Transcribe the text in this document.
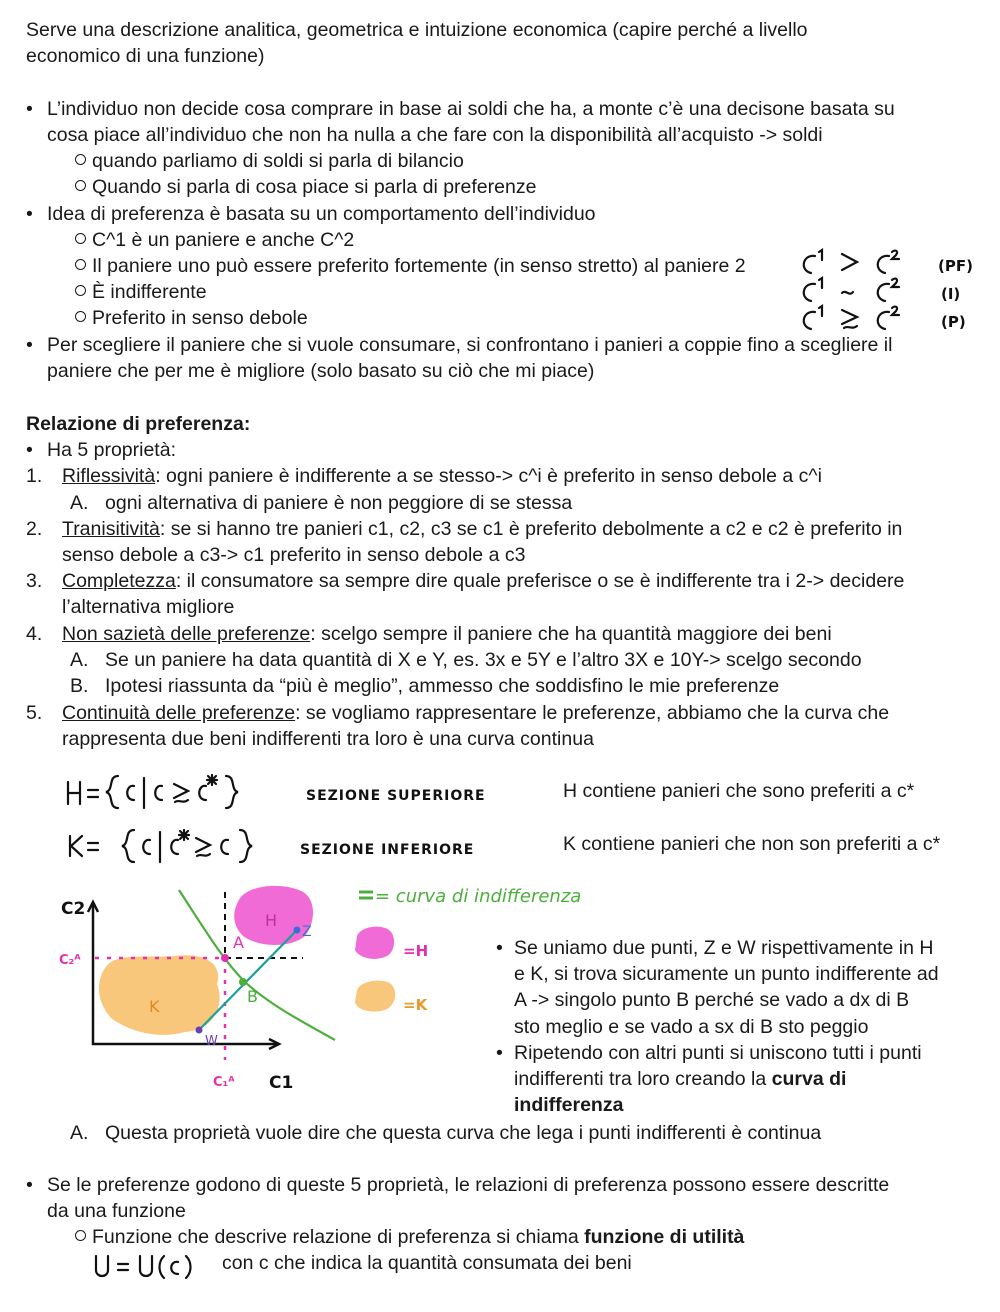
Serve una descrizione analitica, geometrica e intuizione economica (capire perché a livello
economico di una funzione)
• L’individuo non decide cosa comprare in base ai soldi che ha, a monte c’è una decisone basata su
cosa piace all’individuo che non ha nulla a che fare con la disponibilità all’acquisto -> soldi
quando parliamo di soldi si parla di bilancio
Quando si parla di cosa piace si parla di preferenze
• Idea di preferenza è basata su un comportamento dell’individuo
C^1 è un paniere e anche C^2
Il paniere uno può essere preferito fortemente (in senso stretto) al paniere 2
È indifferente
Preferito in senso debole
(PF)
(I)
(P)
• Per scegliere il paniere che si vuole consumare, si confrontano i panieri a coppie fino a scegliere il
paniere che per me è migliore (solo basato su ciò che mi piace)
Relazione di preferenza:
• Ha 5 proprietà:
1. Riflessività: ogni paniere è indifferente a se stesso-> c^i è preferito in senso debole a c^i
A. ogni alternativa di paniere è non peggiore di se stessa
2. Tranisitività: se si hanno tre panieri c1, c2, c3 se c1 è preferito debolmente a c2 e c2 è preferito in
senso debole a c3-> c1 preferito in senso debole a c3
3. Completezza: il consumatore sa sempre dire quale preferisce o se è indifferente tra i 2-> decidere
l’alternativa migliore
4. Non sazietà delle preferenze: scelgo sempre il paniere che ha quantità maggiore dei beni
A. Se un paniere ha data quantità di X e Y, es. 3x e 5Y e l’altro 3X e 10Y-> scelgo secondo
B. Ipotesi riassunta da “più è meglio”, ammesso che soddisfino le mie preferenze
5. Continuità delle preferenze: se vogliamo rappresentare le preferenze, abbiamo che la curva che
rappresenta due beni indifferenti tra loro è una curva continua
SEZIONE SUPERIORE
SEZIONE INFERIORE
H contiene panieri che sono preferiti a c*
K contiene panieri che non son preferiti a c*
H
K
A
B
Z
W
C2
C1
C₂ᴬ
C₁ᴬ
= curva di indifferenza
=H
=K
• Se uniamo due punti, Z e W rispettivamente in H
e K, si trova sicuramente un punto indifferente ad
A -> singolo punto B perché se vado a dx di B
sto meglio e se vado a sx di B sto peggio
• Ripetendo con altri punti si uniscono tutti i punti
indifferenti tra loro creando la curva di
indifferenza
A. Questa proprietà vuole dire che questa curva che lega i punti indifferenti è continua
• Se le preferenze godono di queste 5 proprietà, le relazioni di preferenza possono essere descritte
da una funzione
Funzione che descrive relazione di preferenza si chiama funzione di utilità
con c che indica la quantità consumata dei beni
